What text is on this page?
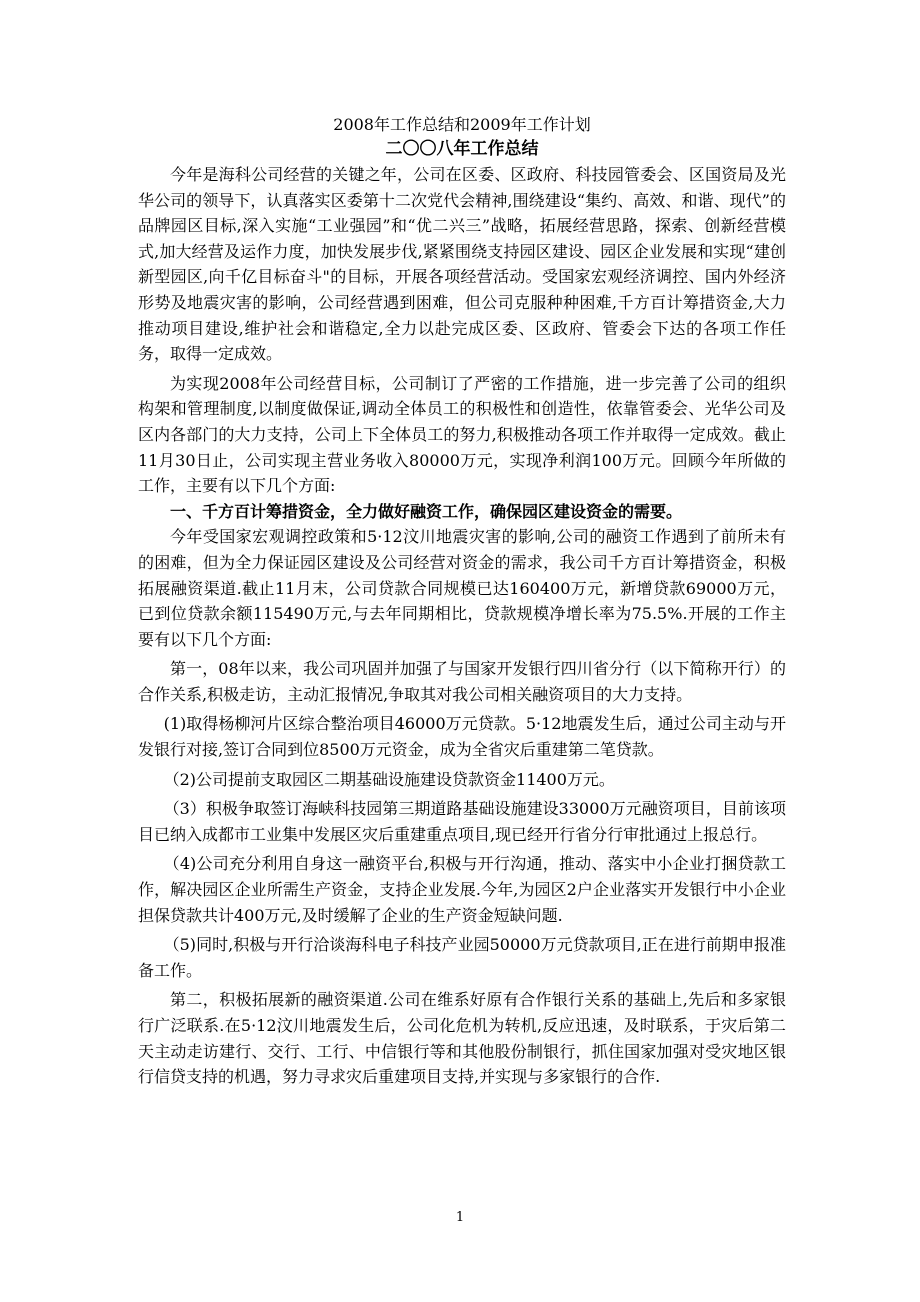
2008年工作总结和2009年工作计划

二〇〇八年工作总结

今年是海科公司经营的关键之年，公司在区委、区政府、科技园管委会、区国资局及光华公司的领导下，认真落实区委第十二次党代会精神,围绕建设“集约、高效、和谐、现代”的品牌园区目标,深入实施“工业强园”和“优二兴三”战略，拓展经营思路，探索、创新经营模式,加大经营及运作力度，加快发展步伐,紧紧围绕支持园区建设、园区企业发展和实现“建创新型园区,向千亿目标奋斗"的目标，开展各项经营活动。受国家宏观经济调控、国内外经济形势及地震灾害的影响，公司经营遇到困难，但公司克服种种困难,千方百计筹措资金,大力推动项目建设,维护社会和谐稳定,全力以赴完成区委、区政府、管委会下达的各项工作任务，取得一定成效。

为实现2008年公司经营目标，公司制订了严密的工作措施，进一步完善了公司的组织构架和管理制度,以制度做保证,调动全体员工的积极性和创造性，依靠管委会、光华公司及区内各部门的大力支持，公司上下全体员工的努力,积极推动各项工作并取得一定成效。截止11月30日止，公司实现主营业务收入80000万元，实现净利润100万元。回顾今年所做的工作，主要有以下几个方面:

一、千方百计筹措资金，全力做好融资工作，确保园区建设资金的需要。

今年受国家宏观调控政策和5·12汶川地震灾害的影响,公司的融资工作遇到了前所未有的困难，但为全力保证园区建设及公司经营对资金的需求，我公司千方百计筹措资金，积极拓展融资渠道.截止11月末，公司贷款合同规模已达160400万元，新增贷款69000万元，已到位贷款余额115490万元,与去年同期相比，贷款规模净增长率为75.5%.开展的工作主要有以下几个方面:

第一，08年以来，我公司巩固并加强了与国家开发银行四川省分行（以下简称开行）的合作关系,积极走访，主动汇报情况,争取其对我公司相关融资项目的大力支持。

(1)取得杨柳河片区综合整治项目46000万元贷款。5·12地震发生后，通过公司主动与开发银行对接,签订合同到位8500万元资金，成为全省灾后重建第二笔贷款。

（2)公司提前支取园区二期基础设施建设贷款资金11400万元。

（3）积极争取签订海峡科技园第三期道路基础设施建设33000万元融资项目，目前该项目已纳入成都市工业集中发展区灾后重建重点项目,现已经开行省分行审批通过上报总行。

（4)公司充分利用自身这一融资平台,积极与开行沟通，推动、落实中小企业打捆贷款工作，解决园区企业所需生产资金，支持企业发展.今年,为园区2户企业落实开发银行中小企业担保贷款共计400万元,及时缓解了企业的生产资金短缺问题.

（5)同时,积极与开行洽谈海科电子科技产业园50000万元贷款项目,正在进行前期申报准备工作。

第二，积极拓展新的融资渠道.公司在维系好原有合作银行关系的基础上,先后和多家银行广泛联系.在5·12汶川地震发生后，公司化危机为转机,反应迅速，及时联系，于灾后第二天主动走访建行、交行、工行、中信银行等和其他股份制银行，抓住国家加强对受灾地区银行信贷支持的机遇，努力寻求灾后重建项目支持,并实现与多家银行的合作.

1
